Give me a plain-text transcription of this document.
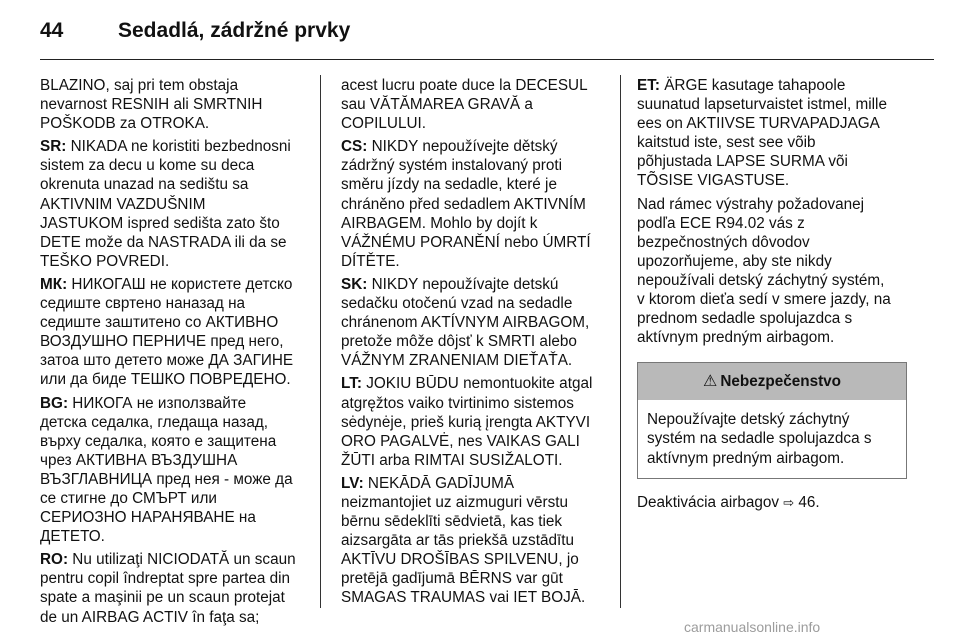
44	Sedadlá, zádržné prvky

BLAZINO, saj pri tem obstaja
nevarnost RESNIH ali SMRTNIH
POŠKODB za OTROKA.

SR: NIKADA ne koristiti bezbednosni
sistem za decu u kome su deca
okrenuta unazad na sedištu sa
AKTIVNIM VAZDUŠNIM
JASTUKOM ispred sedišta zato što
DETE može da NASTRADA ili da se
TEŠKO POVREDI.

МК: НИКОГАШ не користете детско
седиште свртено наназад на
седиште заштитено со АКТИВНО
ВОЗДУШНО ПЕРНИЧЕ пред него,
затоа што детето може ДА ЗАГИНЕ
или да биде ТЕШКО ПОВРЕДЕНО.

BG: НИКОГА не използвайте
детска седалка, гледаща назад,
върху седалка, която е защитена
чрез АКТИВНА ВЪЗДУШНА
ВЪЗГЛАВНИЦА пред нея - може да
се стигне до СМЪРТ или
СЕРИОЗНО НАРАНЯВАНЕ на
ДЕТЕТО.

RO: Nu utilizaţi NICIODATĂ un scaun
pentru copil îndreptat spre partea din
spate a maşinii pe un scaun protejat
de un AIRBAG ACTIV în faţa sa;

acest lucru poate duce la DECESUL
sau VĂTĂMAREA GRAVĂ a
COPILULUI.

CS: NIKDY nepoužívejte dětský
zádržný systém instalovaný proti
směru jízdy na sedadle, které je
chráněno před sedadlem AKTIVNÍM
AIRBAGEM. Mohlo by dojít k
VÁŽNÉMU PORANĚNÍ nebo ÚMRTÍ
DÍTĚTE.

SK: NIKDY nepoužívajte detskú
sedačku otočenú vzad na sedadle
chránenom AKTÍVNYM AIRBAGOM,
pretože môže dôjsť k SMRTI alebo
VÁŽNYM ZRANENIAM DIEŤAŤA.

LT: JOKIU BŪDU nemontuokite atgal
atgręžtos vaiko tvirtinimo sistemos
sėdynėje, prieš kurią įrengta AKTYVI
ORO PAGALVĖ, nes VAIKAS GALI
ŽŪTI arba RIMTAI SUSIŽALOTI.

LV: NEKĀDĀ GADĪJUMĀ
neizmantojiet uz aizmuguri vērstu
bērnu sēdeklīti sēdvietā, kas tiek
aizsargāta ar tās priekšā uzstādītu
AKTĪVU DROŠĪBAS SPILVENU, jo
pretējā gadījumā BĒRNS var gūt
SMAGAS TRAUMAS vai IET BOJĀ.

ET: ÄRGE kasutage tahapoole
suunatud lapseturvaistet istmel, mille
ees on AKTIIVSE TURVAPADJAGA
kaitstud iste, sest see võib
põhjustada LAPSE SURMA või
TÕSISE VIGASTUSE.

Nad rámec výstrahy požadovanej
podľa ECE R94.02 vás z
bezpečnostných dôvodov
upozorňujeme, aby ste nikdy
nepoužívali detský záchytný systém,
v ktorom dieťa sedí v smere jazdy, na
prednom sedadle spolujazdca s
aktívnym predným airbagom.

⚠ Nebezpečenstvo
Nepoužívajte detský záchytný
systém na sedadle spolujazdca s
aktívnym predným airbagom.

Deaktivácia airbagov ⇨ 46.

carmanualsonline.info
